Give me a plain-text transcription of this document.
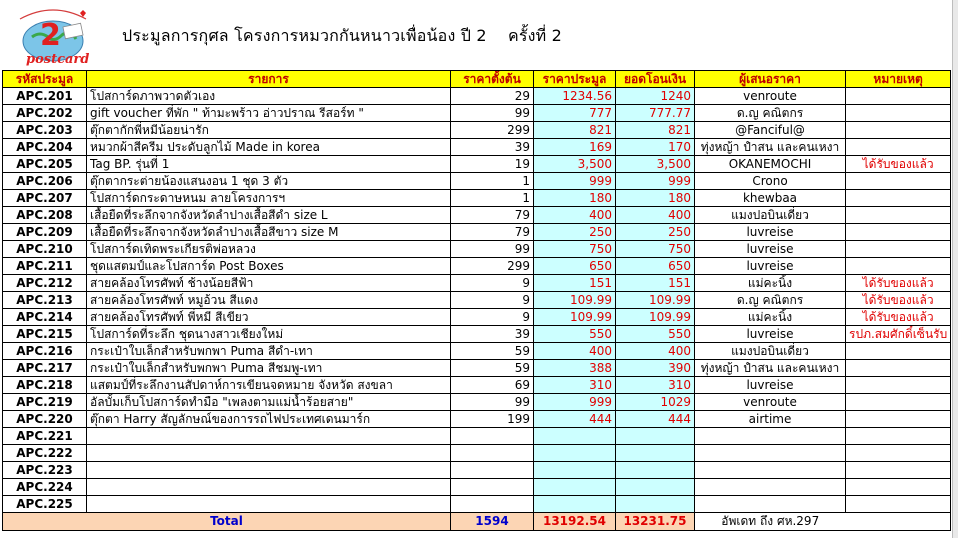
2
postcard
ประมูลการกุศล โครงการหมวกกันหนาวเพื่อน้อง ปี 2    ครั้งที่ 2
รหัสประมูล	รายการ	ราคาตั้งต้น	ราคาประมูล	ยอดโอนเงิน	ผู้เสนอราคา	หมายเหตุ
APC.201	โปสการ์ดภาพวาดตัวเอง	29	1234.56	1240	venroute	
APC.202	gift voucher ที่พัก " ท้ามะพร้าว อ่าวปราณ รีสอร์ท "	99	777	777.77	ด.ญ คณิตกร	
APC.203	ตุ๊กตากักพี่หมีน้อยน่ารัก	299	821	821	@Fanciful@	
APC.204	หมวกผ้าสีครีม ประดับลูกไม้ Made in korea	39	169	170	ทุ่งหญ้า ปำสน และคนเหงา	
APC.205	Tag BP. รุ่นที่ 1	19	3,500	3,500	OKANEMOCHI	ได้รับของแล้ว
APC.206	ตุ๊กตากระต่ายน้องแสนงอน 1 ชุด 3 ตัว	1	999	999	Crono	
APC.207	โปสการ์ดกระดาษหนม ลายโครงการฯ	1	180	180	khewbaa	
APC.208	เสื้อยืดที่ระลึกจากจังหวัดลำปางเสื้อสีดำ size L	79	400	400	แมงปอบินเดี่ยว	
APC.209	เสื้อยืดที่ระลึกจากจังหวัดลำปางเสื้อสีขาว size M	79	250	250	luvreise	
APC.210	โปสการ์ดเทิดพระเกียรติพ่อหลวง	99	750	750	luvreise	
APC.211	ชุดแสตมป์และโปสการ์ด Post Boxes	299	650	650	luvreise	
APC.212	สายคล้องโทรศัพท์ ช้างน้อยสีฟ้า	9	151	151	แม่คะนิ้ง	ได้รับของแล้ว
APC.213	สายคล้องโทรศัพท์ หมูอ้วน สีแดง	9	109.99	109.99	ด.ญ คณิตกร	ได้รับของแล้ว
APC.214	สายคล้องโทรศัพท์ พี่หมี สีเขียว	9	109.99	109.99	แม่คะนิ้ง	ได้รับของแล้ว
APC.215	โปสการ์ดที่ระลึก ชุดนางสาวเชียงใหม่	39	550	550	luvreise	รปภ.สมศักดิ์เซ็นรับ
APC.216	กระเป๋าใบเล็กสำหรับพกพา Puma สีดำ-เทา	59	400	400	แมงปอบินเดี่ยว	
APC.217	กระเป๋าใบเล็กสำหรับพกพา Puma สีชมพู-เทา	59	388	390	ทุ่งหญ้า ปำสน และคนเหงา	
APC.218	แสตมป์ที่ระลึกงานสัปดาห์การเขียนจดหมาย จังหวัด สงขลา	69	310	310	luvreise	
APC.219	อัลบั้มเก็บโปสการ์ดทำมือ "เพลงตามแม่น้ำร้อยสาย"	99	999	1029	venroute	
APC.220	ตุ๊กตา Harry สัญลักษณ์ของการรถไฟประเทศเดนมาร์ก	199	444	444	airtime	
APC.221						
APC.222						
APC.223						
APC.224						
APC.225						
Total		1594	13192.54	13231.75	อัพเดท ถึง ศห.297	
